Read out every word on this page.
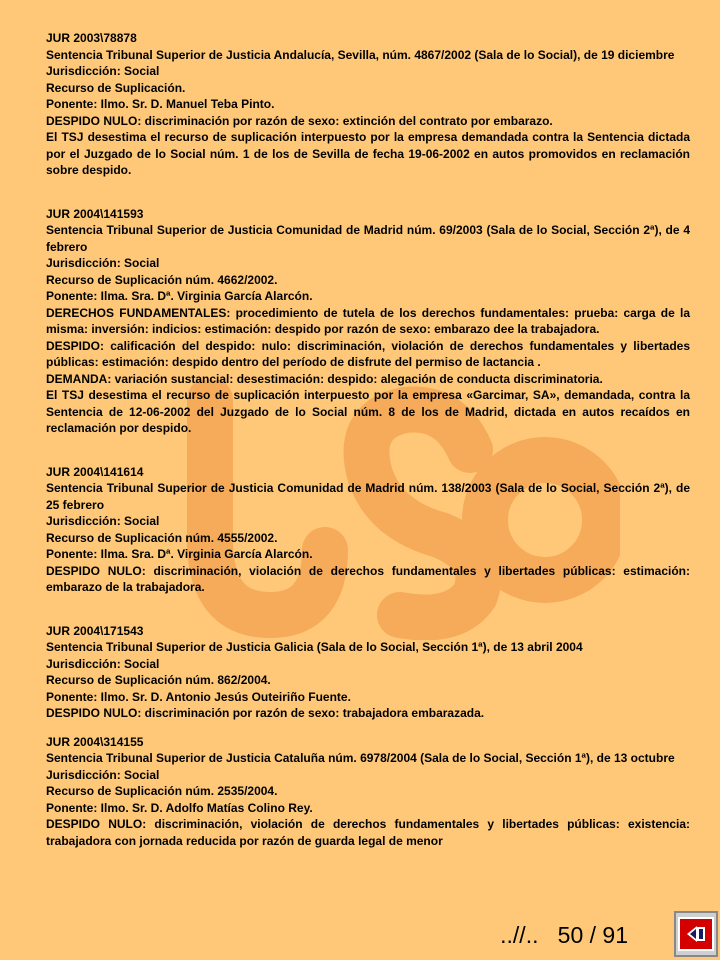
JUR 2003\78878

Sentencia Tribunal Superior de Justicia Andalucía, Sevilla, núm. 4867/2002 (Sala de lo Social), de 19 diciembre

Jurisdicción: Social

Recurso de Suplicación.

Ponente: Ilmo. Sr. D. Manuel Teba Pinto.

DESPIDO NULO: discriminación por razón de sexo: extinción del contrato por embarazo.

El TSJ desestima el recurso de suplicación interpuesto por la empresa demandada contra la Sentencia dictada por el Juzgado de lo Social núm. 1 de los de Sevilla de fecha 19-06-2002 en autos promovidos en reclamación sobre despido.

JUR 2004\141593

Sentencia Tribunal Superior de Justicia Comunidad de Madrid núm. 69/2003 (Sala de lo Social, Sección 2ª), de 4 febrero

Jurisdicción: Social

Recurso de Suplicación núm. 4662/2002.

Ponente: Ilma. Sra. Dª. Virginia García Alarcón.

DERECHOS FUNDAMENTALES: procedimiento de tutela de los derechos fundamentales: prueba: carga de la misma: inversión: indicios: estimación: despido por razón de sexo: embarazo dee la trabajadora.

DESPIDO: calificación del despido: nulo: discriminación, violación de derechos fundamentales y libertades públicas: estimación: despido dentro del período de disfrute del permiso de lactancia .

DEMANDA: variación sustancial: desestimación: despido: alegación de conducta discriminatoria.

El TSJ desestima el recurso de suplicación interpuesto por la empresa «Garcimar, SA», demandada, contra la Sentencia de 12-06-2002 del Juzgado de lo Social núm. 8 de los de Madrid, dictada en autos recaídos en reclamación por despido.

JUR 2004\141614

Sentencia Tribunal Superior de Justicia Comunidad de Madrid núm. 138/2003 (Sala de lo Social, Sección 2ª), de 25 febrero

Jurisdicción: Social

Recurso de Suplicación núm. 4555/2002.

Ponente: Ilma. Sra. Dª. Virginia García Alarcón.

DESPIDO NULO: discriminación, violación de derechos fundamentales y libertades públicas: estimación: embarazo de la trabajadora.

JUR 2004\171543

Sentencia Tribunal Superior de Justicia Galicia (Sala de lo Social, Sección 1ª), de 13 abril 2004

Jurisdicción: Social

Recurso de Suplicación núm. 862/2004.

Ponente: Ilmo. Sr. D. Antonio Jesús Outeiriño Fuente.

DESPIDO NULO: discriminación por razón de sexo: trabajadora embarazada.

JUR 2004\314155

Sentencia Tribunal Superior de Justicia Cataluña núm. 6978/2004 (Sala de lo Social, Sección 1ª), de 13 octubre

Jurisdicción: Social

Recurso de Suplicación núm. 2535/2004.

Ponente: Ilmo. Sr. D. Adolfo Matías Colino Rey.

DESPIDO NULO: discriminación, violación de derechos fundamentales y libertades públicas: existencia: trabajadora con jornada reducida por razón de guarda legal de menor

..//.. 50 / 91
